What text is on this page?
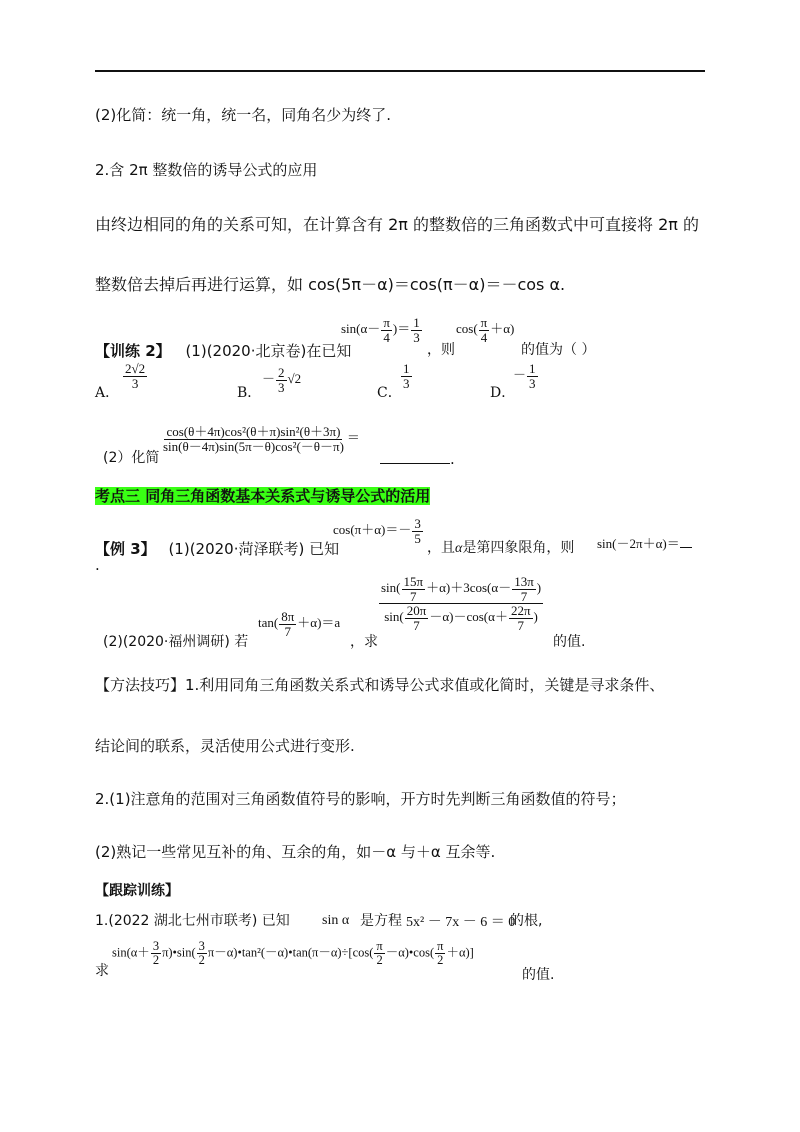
(2)化简：统一角，统一名，同角名少为终了.
2.含 2π 整数倍的诱导公式的应用
由终边相同的角的关系可知，在计算含有 2π 的整数倍的三角函数式中可直接将 2π 的
整数倍去掉后再进行运算，如 cos(5π－α)＝cos(π－α)＝－cos α.
【训练 2】 (1)(2020·北京卷)在已知
$\sin(\alpha- \frac{\pi}{4}$ )＝ $\frac{1}{3}$
，则
$\cos( \frac{\pi}{4} +\alpha)$
的值为（ ）
A．
$\frac{2√2}{3}$
B．
－ $\frac{2}{3} √2$
C．
$\frac{1}{3}$
D．
－ $\frac{1}{3}$
(2）化简
$\frac{\text{cos(θ＋4π)cos²(θ＋π)sin²(θ＋3π)}}{\text{sin(θ－4π)sin(5π－θ)cos²(－θ－π)}}$ ＝
.
考点三 同角三角函数基本关系式与诱导公式的活用
【例 3】 (1)(2020·菏泽联考) 已知
$\cos(\pi+\alpha)=- \frac{3}{5}$
，且α是第四象限角，则 sin(－2π＋α)＝
.
(2)(2020·福州调研) 若
$\tan( \frac{8\pi}{7} +\alpha)=a$
，求
$\frac{\sin( \frac{15\pi}{7} +\alpha)+3\cos(\alpha- \frac{13\pi}{7} )}{\sin( \frac{20\pi}{7} -\alpha)-\cos(\alpha+ \frac{22\pi}{7} )}$
的值.
【方法技巧】1.利用同角三角函数关系式和诱导公式求值或化简时，关键是寻求条件、
结论间的联系，灵活使用公式进行变形.
2.(1)注意角的范围对三角函数值符号的影响，开方时先判断三角函数值的符号；
(2)熟记一些常见互补的角、互余的角，如－α 与＋α 互余等.
【跟踪训练】
1.(2022 湖北七州市联考) 已知 sin α 是方程 5x² － 7x － 6 ＝ 0
的根,
求
$\sin(\alpha+ \frac{3}{2}$ π)•sin( $\frac{3}{2}$ π－α)•tan²(－α)•tan(π－α)÷[cos( $\frac{\pi}{2}$ －α)•cos( $\frac{\pi}{2} +\alpha$)]
的值.
